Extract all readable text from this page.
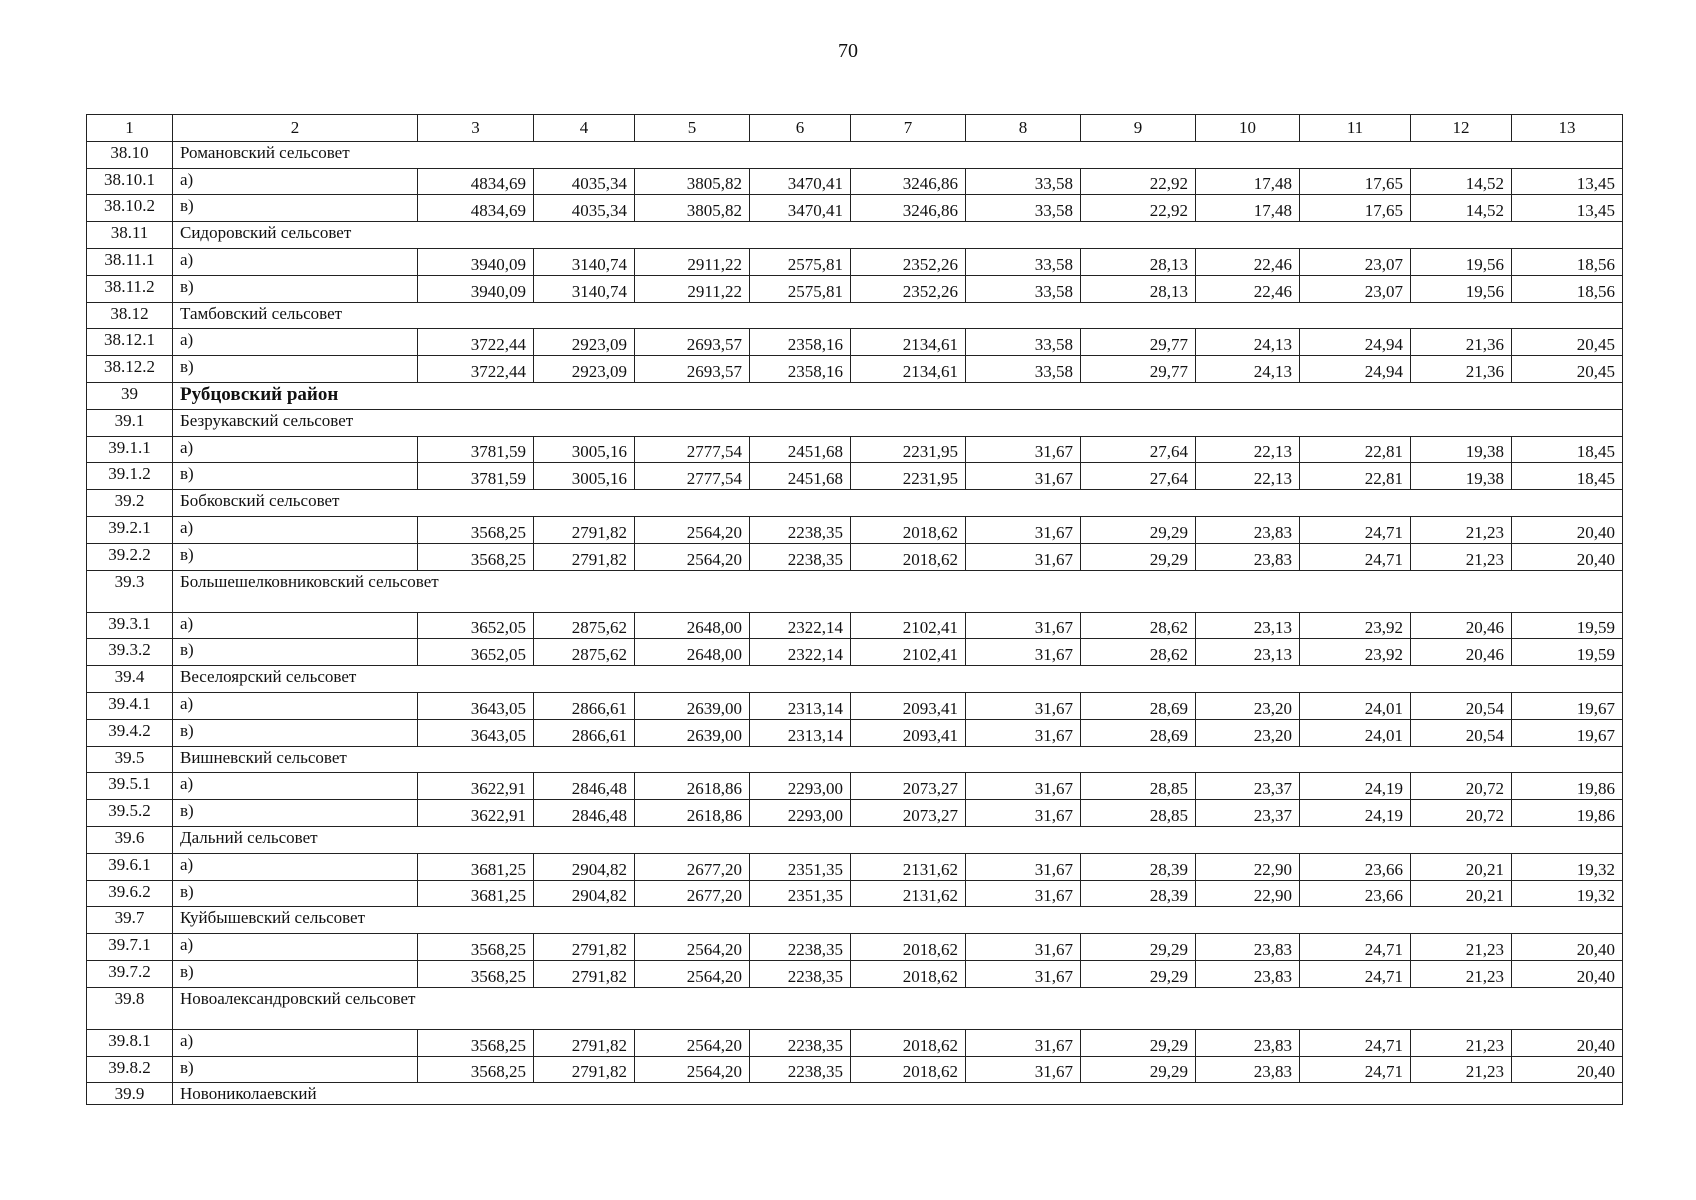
70
1	2	3	4	5	6	7	8	9	10	11	12	13
38.10	Романовский сельсовет											
38.10.1	а)	4834,69	4035,34	3805,82	3470,41	3246,86	33,58	22,92	17,48	17,65	14,52	13,45
38.10.2	в)	4834,69	4035,34	3805,82	3470,41	3246,86	33,58	22,92	17,48	17,65	14,52	13,45
38.11	Сидоровский сельсовет											
38.11.1	а)	3940,09	3140,74	2911,22	2575,81	2352,26	33,58	28,13	22,46	23,07	19,56	18,56
38.11.2	в)	3940,09	3140,74	2911,22	2575,81	2352,26	33,58	28,13	22,46	23,07	19,56	18,56
38.12	Тамбовский сельсовет											
38.12.1	а)	3722,44	2923,09	2693,57	2358,16	2134,61	33,58	29,77	24,13	24,94	21,36	20,45
38.12.2	в)	3722,44	2923,09	2693,57	2358,16	2134,61	33,58	29,77	24,13	24,94	21,36	20,45
39	Рубцовский район											
39.1	Безрукавский сельсовет											
39.1.1	а)	3781,59	3005,16	2777,54	2451,68	2231,95	31,67	27,64	22,13	22,81	19,38	18,45
39.1.2	в)	3781,59	3005,16	2777,54	2451,68	2231,95	31,67	27,64	22,13	22,81	19,38	18,45
39.2	Бобковский сельсовет											
39.2.1	а)	3568,25	2791,82	2564,20	2238,35	2018,62	31,67	29,29	23,83	24,71	21,23	20,40
39.2.2	в)	3568,25	2791,82	2564,20	2238,35	2018,62	31,67	29,29	23,83	24,71	21,23	20,40
39.3	Большешелковниковский сельсовет											
39.3.1	а)	3652,05	2875,62	2648,00	2322,14	2102,41	31,67	28,62	23,13	23,92	20,46	19,59
39.3.2	в)	3652,05	2875,62	2648,00	2322,14	2102,41	31,67	28,62	23,13	23,92	20,46	19,59
39.4	Веселоярский сельсовет											
39.4.1	а)	3643,05	2866,61	2639,00	2313,14	2093,41	31,67	28,69	23,20	24,01	20,54	19,67
39.4.2	в)	3643,05	2866,61	2639,00	2313,14	2093,41	31,67	28,69	23,20	24,01	20,54	19,67
39.5	Вишневский сельсовет											
39.5.1	а)	3622,91	2846,48	2618,86	2293,00	2073,27	31,67	28,85	23,37	24,19	20,72	19,86
39.5.2	в)	3622,91	2846,48	2618,86	2293,00	2073,27	31,67	28,85	23,37	24,19	20,72	19,86
39.6	Дальний сельсовет											
39.6.1	а)	3681,25	2904,82	2677,20	2351,35	2131,62	31,67	28,39	22,90	23,66	20,21	19,32
39.6.2	в)	3681,25	2904,82	2677,20	2351,35	2131,62	31,67	28,39	22,90	23,66	20,21	19,32
39.7	Куйбышевский сельсовет											
39.7.1	а)	3568,25	2791,82	2564,20	2238,35	2018,62	31,67	29,29	23,83	24,71	21,23	20,40
39.7.2	в)	3568,25	2791,82	2564,20	2238,35	2018,62	31,67	29,29	23,83	24,71	21,23	20,40
39.8	Новоалександровский сельсовет											
39.8.1	а)	3568,25	2791,82	2564,20	2238,35	2018,62	31,67	29,29	23,83	24,71	21,23	20,40
39.8.2	в)	3568,25	2791,82	2564,20	2238,35	2018,62	31,67	29,29	23,83	24,71	21,23	20,40
39.9	Новониколаевский											
